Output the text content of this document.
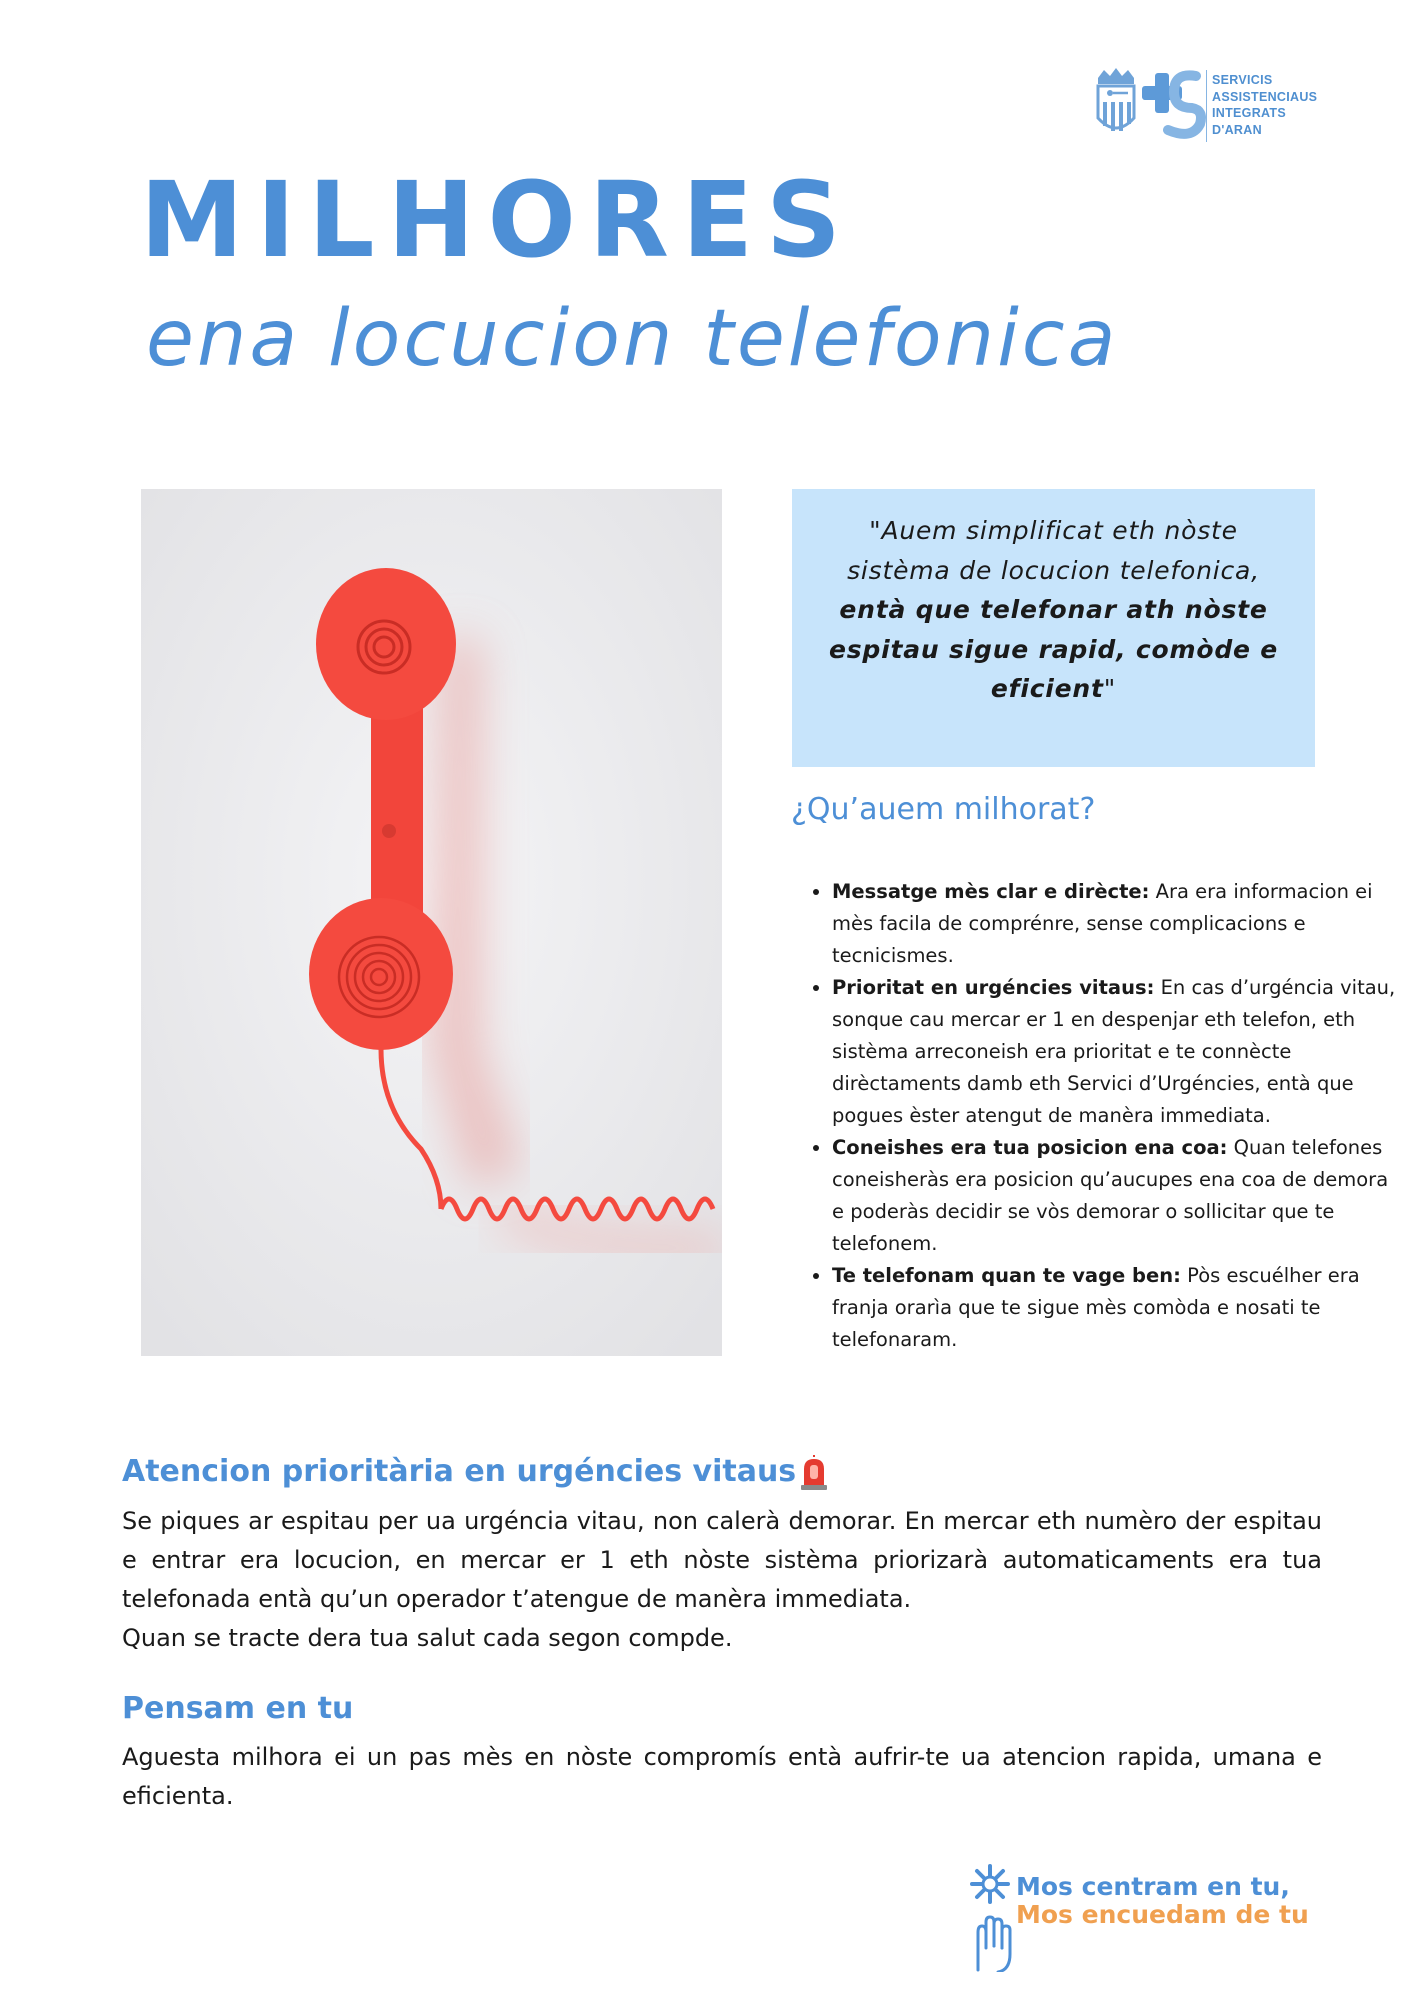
SERVICIS
ASSISTENCIAUS
INTEGRATS
D'ARAN
MILHORES
ena locucion telefonica
"Auem simplificat eth nòste sistèma de locucion telefonica, entà que telefonar ath nòste espitau sigue rapid, comòde e eficient"
¿Qu’auem milhorat?
• Messatge mès clar e dirècte: Ara era informacion ei mès facila de comprénre, sense complicacions e tecnicismes.
• Prioritat en urgéncies vitaus: En cas d’urgéncia vitau, sonque cau mercar er 1 en despenjar eth telefon, eth sistèma arreconeish era prioritat e te connècte dirèctaments damb eth Servici d’Urgéncies, entà que pogues èster atengut de manèra immediata.
• Coneishes era tua posicion ena coa: Quan telefones coneisheràs era posicion qu’aucupes ena coa de demora e poderàs decidir se vòs demorar o sollicitar que te telefonem.
• Te telefonam quan te vage ben: Pòs escuélher era franja orarìa que te sigue mès comòda e nosati te telefonaram.
Atencion prioritària en urgéncies vitaus
Se piques ar espitau per ua urgéncia vitau, non calerà demorar. En mercar eth numèro der espitau e entrar era locucion, en mercar er 1 eth nòste sistèma priorizarà automaticaments era tua telefonada entà qu’un operador t’atengue de manèra immediata.
Quan se tracte dera tua salut cada segon compde.
Pensam en tu
Aguesta milhora ei un pas mès en nòste compromís entà aufrir-te ua atencion rapida, umana e eficienta.
Mos centram en tu,
Mos encuedam de tu
